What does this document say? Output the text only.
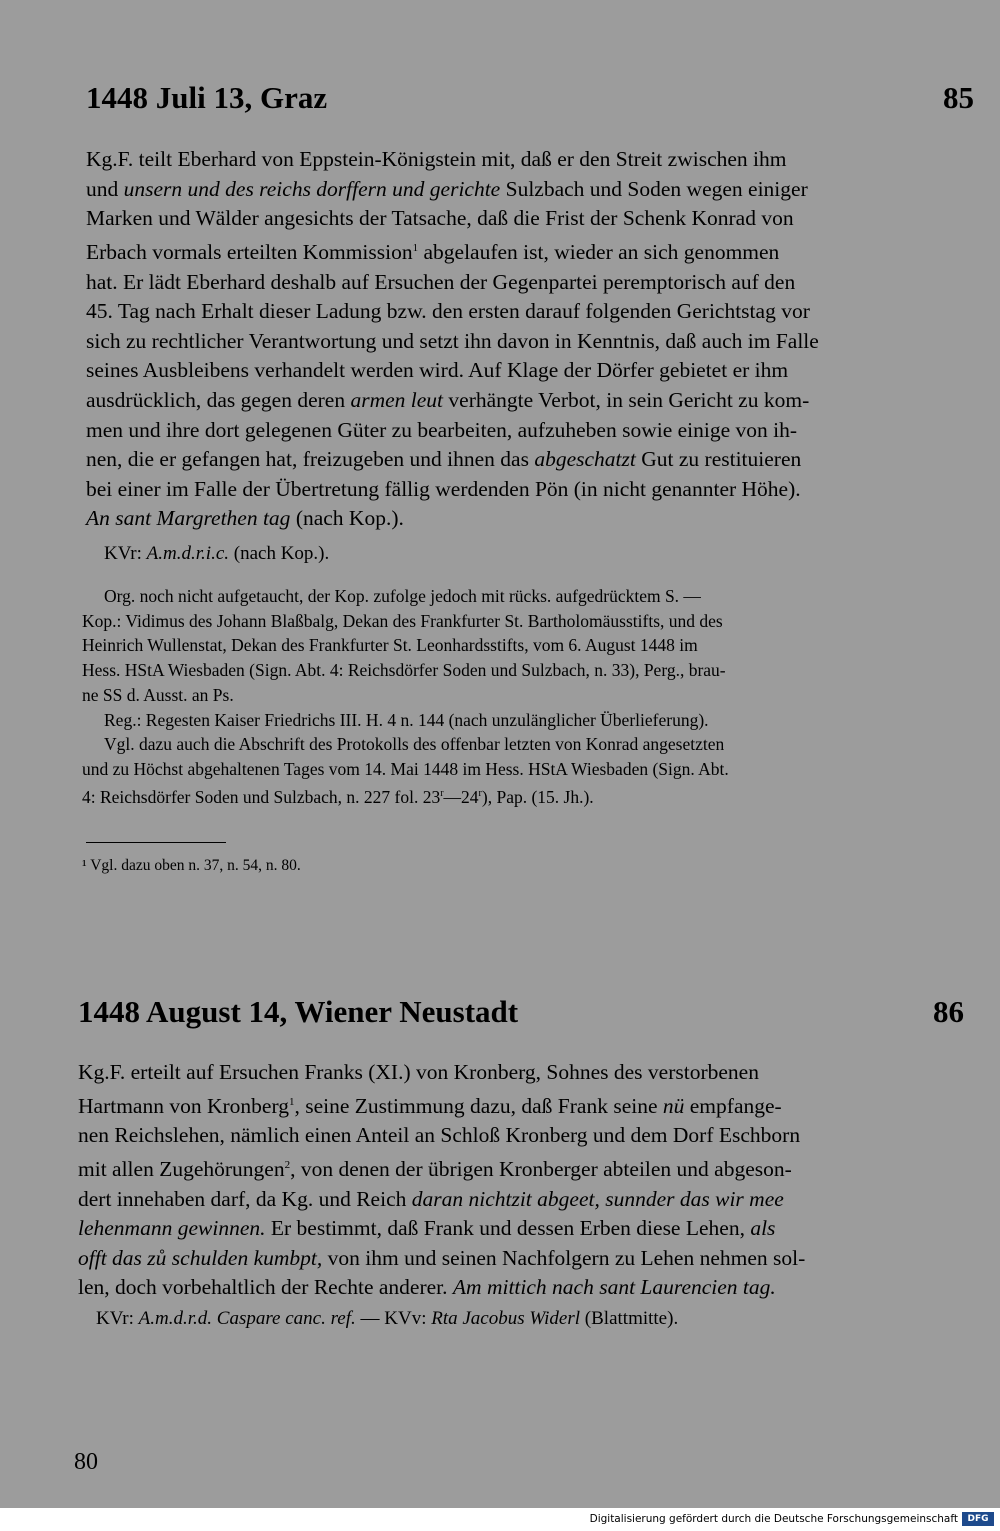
1448 Juli 13, Graz	85
Kg.F. teilt Eberhard von Eppstein-Königstein mit, daß er den Streit zwischen ihm
und unsern und des reichs dorffern und gerichte Sulzbach und Soden wegen einiger
Marken und Wälder angesichts der Tatsache, daß die Frist der Schenk Konrad von
Erbach vormals erteilten Kommission$^1$ abgelaufen ist, wieder an sich genommen
hat. Er lädt Eberhard deshalb auf Ersuchen der Gegenpartei peremptorisch auf den
45. Tag nach Erhalt dieser Ladung bzw. den ersten darauf folgenden Gerichtstag vor
sich zu rechtlicher Verantwortung und setzt ihn davon in Kenntnis, daß auch im Falle
seines Ausbleibens verhandelt werden wird. Auf Klage der Dörfer gebietet er ihm
ausdrücklich, das gegen deren armen leut verhängte Verbot, in sein Gericht zu kom-
men und ihre dort gelegenen Güter zu bearbeiten, aufzuheben sowie einige von ih-
nen, die er gefangen hat, freizugeben und ihnen das abgeschatzt Gut zu restituieren
bei einer im Falle der Übertretung fällig werdenden Pön (in nicht genannter Höhe).
An sant Margrethen tag (nach Kop.).
KVr: A.m.d.r.i.c. (nach Kop.).
Org. noch nicht aufgetaucht, der Kop. zufolge jedoch mit rücks. aufgedrücktem S. —
Kop.: Vidimus des Johann Blaßbalg, Dekan des Frankfurter St. Bartholomäusstifts, und des
Heinrich Wullenstat, Dekan des Frankfurter St. Leonhardsstifts, vom 6. August 1448 im
Hess. HStA Wiesbaden (Sign. Abt. 4: Reichsdörfer Soden und Sulzbach, n. 33), Perg., brau-
ne SS d. Ausst. an Ps.
Reg.: Regesten Kaiser Friedrichs III. H. 4 n. 144 (nach unzulänglicher Überlieferung).
Vgl. dazu auch die Abschrift des Protokolls des offenbar letzten von Konrad angesetzten
und zu Höchst abgehaltenen Tages vom 14. Mai 1448 im Hess. HStA Wiesbaden (Sign. Abt.
4: Reichsdörfer Soden und Sulzbach, n. 227 fol. 23$^r$—24$^r$), Pap. (15. Jh.).
¹ Vgl. dazu oben n. 37, n. 54, n. 80.
1448 August 14, Wiener Neustadt	86
Kg.F. erteilt auf Ersuchen Franks (XI.) von Kronberg, Sohnes des verstorbenen
Hartmann von Kronberg$^1$, seine Zustimmung dazu, daß Frank seine nü empfange-
nen Reichslehen, nämlich einen Anteil an Schloß Kronberg und dem Dorf Eschborn
mit allen Zugehörungen$^2$, von denen der übrigen Kronberger abteilen und abgeson-
dert innehaben darf, da Kg. und Reich daran nichtzit abgeet, sunnder das wir mee
lehenmann gewinnen. Er bestimmt, daß Frank und dessen Erben diese Lehen, als
offt das zů schulden kumbpt, von ihm und seinen Nachfolgern zu Lehen nehmen sol-
len, doch vorbehaltlich der Rechte anderer. Am mittich nach sant Laurencien tag.
KVr: A.m.d.r.d. Caspare canc. ref. — KVv: Rta Jacobus Widerl (Blattmitte).
80
Digitalisierung gefördert durch die Deutsche Forschungsgemeinschaft	DFG
